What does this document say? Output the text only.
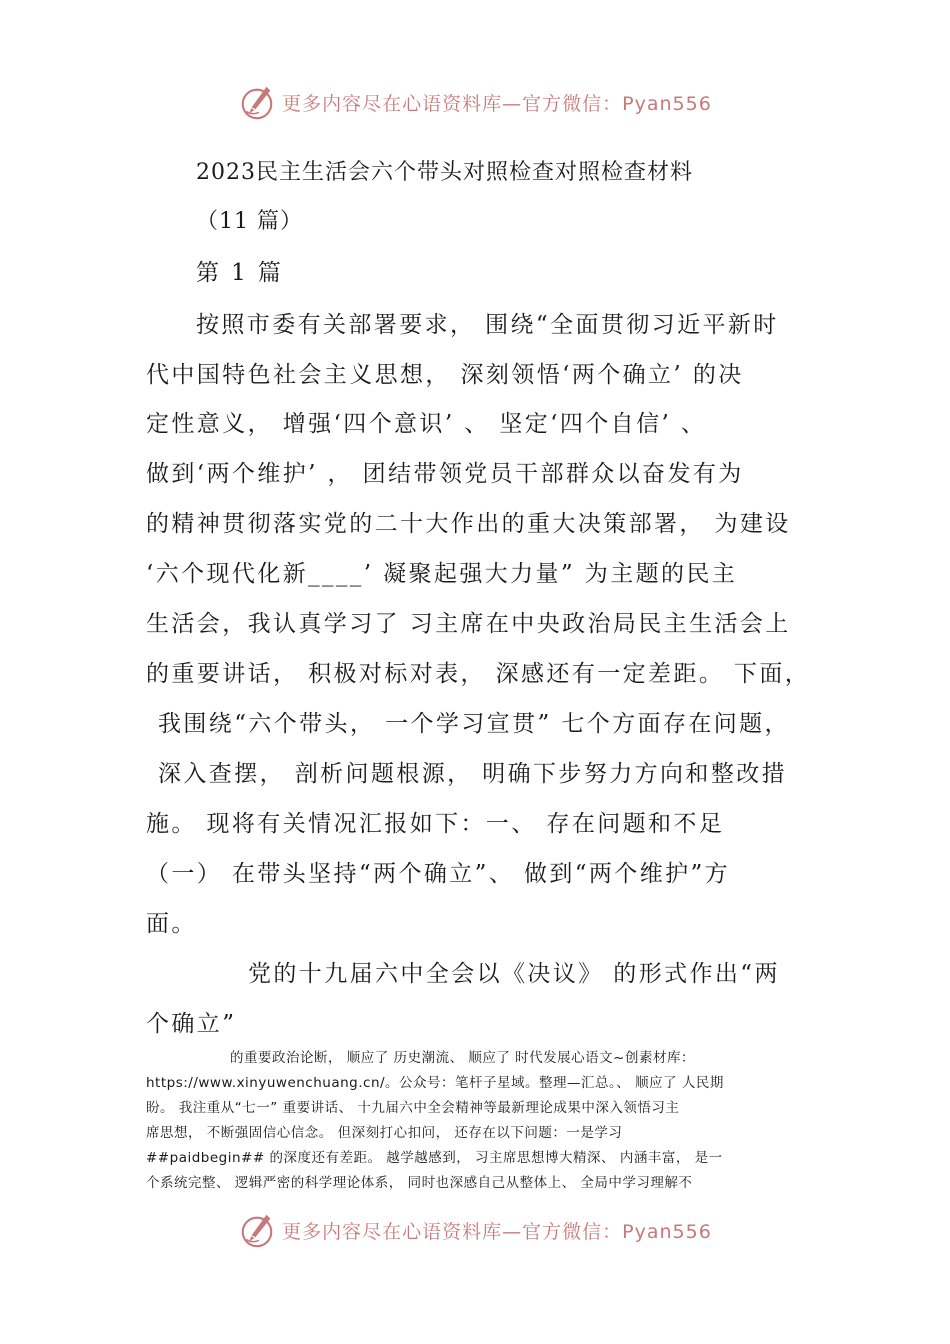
更多内容尽在心语资料库—官方微信：Pyan556
2023民主生活会六个带头对照检查对照检查材料
（11 篇）
第 1 篇
按照市委有关部署要求， 围绕“全面贯彻习近平新时
代中国特色社会主义思想， 深刻领悟‘两个确立’ 的决
定性意义， 增强‘四个意识’ 、 坚定‘四个自信’ 、
做到‘两个维护’ ， 团结带领党员干部群众以奋发有为
的精神贯彻落实党的二十大作出的重大决策部署， 为建设
‘六个现代化新____’ 凝聚起强大力量” 为主题的民主
生活会，我认真学习了 习主席在中央政治局民主生活会上
的重要讲话， 积极对标对表， 深感还有一定差距。 下面，
我围绕“六个带头， 一个学习宣贯” 七个方面存在问题，
深入查摆， 剖析问题根源， 明确下步努力方向和整改措
施。 现将有关情况汇报如下：一、 存在问题和不足
（一） 在带头坚持“两个确立”、 做到“两个维护”方
面。
党的十九届六中全会以《决议》 的形式作出“两
个确立”
的重要政治论断， 顺应了 历史潮流、 顺应了 时代发展心语文~创素材库：
https://www.xinyuwenchuang.cn/。公众号：笔杆子星域。整理—汇总。、 顺应了 人民期
盼。 我注重从“七一” 重要讲话、 十九届六中全会精神等最新理论成果中深入领悟习主
席思想， 不断强固信心信念。 但深刻打心扣问， 还存在以下问题：一是学习
##paidbegin## 的深度还有差距。 越学越感到， 习主席思想博大精深、 内涵丰富， 是一
个系统完整、 逻辑严密的科学理论体系， 同时也深感自己从整体上、 全局中学习理解不
更多内容尽在心语资料库—官方微信：Pyan556
